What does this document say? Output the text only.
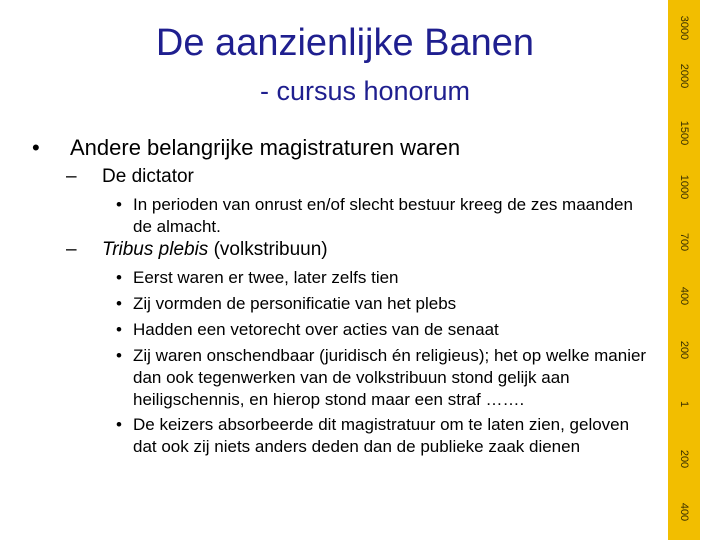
De aanzienlijke Banen
- cursus honorum
• Andere belangrijke magistraturen waren
– De dictator
• In perioden van onrust en/of slecht bestuur kreeg de zes maanden
de almacht.
– Tribus plebis (volkstribuun)
• Eerst waren er twee, later zelfs tien
• Zij vormden de personificatie van het plebs
• Hadden een vetorecht over acties van de senaat
• Zij waren onschendbaar (juridisch én religieus); het op welke manier
dan ook tegenwerken van de volkstribuun stond gelijk aan
heiligschennis, en hierop stond maar een straf …….
• De keizers absorbeerde dit magistratuur om te laten zien, geloven
dat ook zij niets anders deden dan de publieke zaak dienen
3000
2000
1500
1000
700
400
200
1
200
400
